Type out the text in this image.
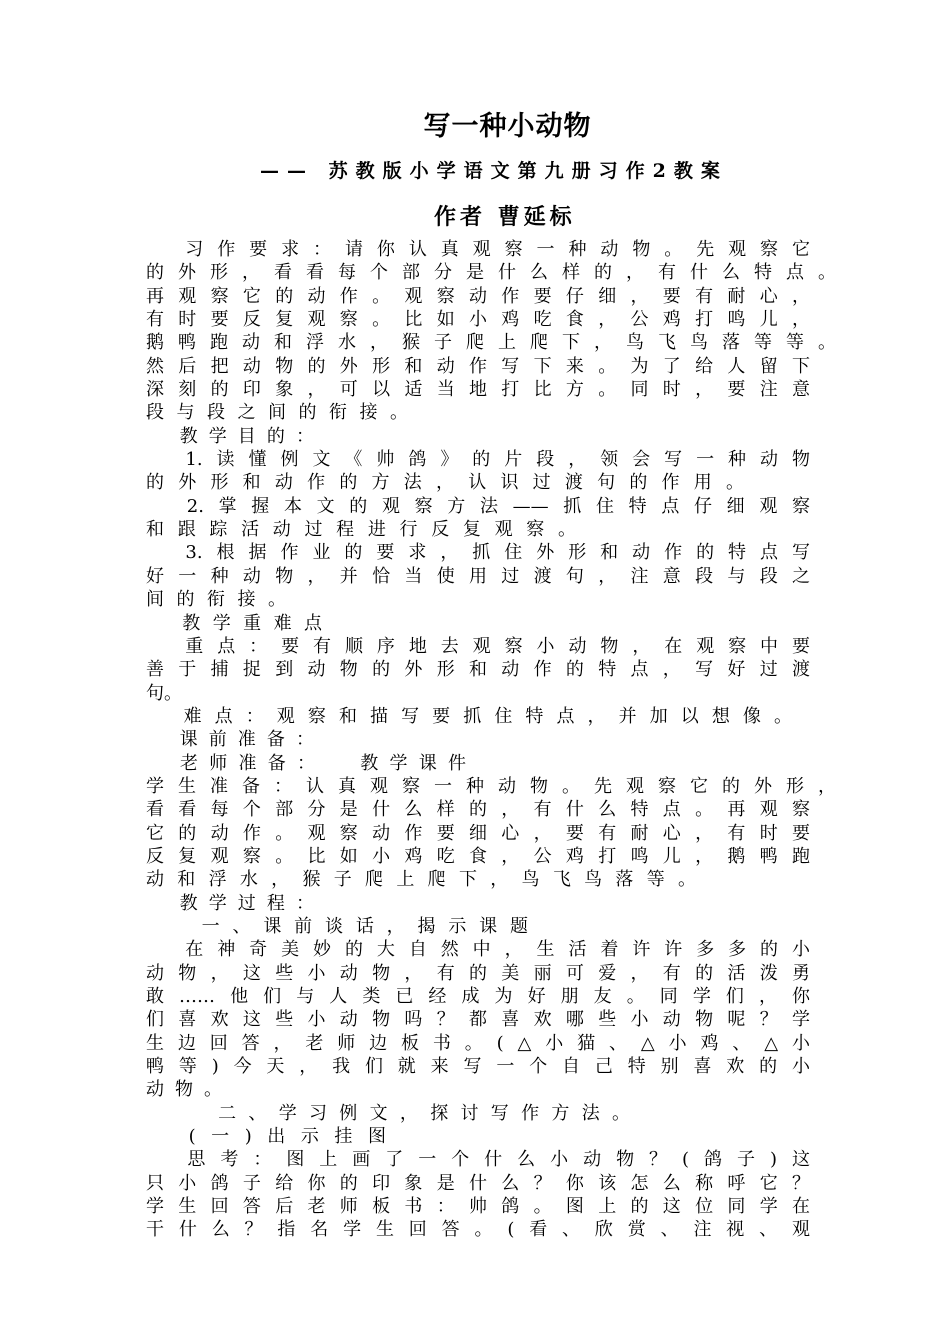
写一种小动物
—— 苏教版小学语文第九册习作2教案
作者 曹延标
习作要求：请你认真观察一种动物。先观察它
的外形，看看每个部分是什么样的，有什么特点。
再观察它的动作。观察动作要仔细，要有耐心，
有时要反复观察。比如小鸡吃食，公鸡打鸣儿，
鹅鸭跑动和浮水，猴子爬上爬下，鸟飞鸟落等等。
然后把动物的外形和动作写下来。为了给人留下
深刻的印象，可以适当地打比方。同时，要注意
段与段之间的衔接。
教学目的：
1.读懂例文《帅鸽》的片段，领会写一种动物
的外形和动作的方法，认识过渡句的作用。
2.掌握本文的观察方法——抓住特点仔细观察
和跟踪活动过程进行反复观察。
3.根据作业的要求，抓住外形和动作的特点写
好一种动物，并恰当使用过渡句，注意段与段之
间的衔接。
教学重难点
重点：要有顺序地去观察小动物，在观察中要
善于捕捉到动物的外形和动作的特点，写好过渡
句。
难点：观察和描写要抓住特点，并加以想像。
课前准备：
老师准备：  教学课件
学生准备：认真观察一种动物。先观察它的外形，
看看每个部分是什么样的，有什么特点。再观察
它的动作。观察动作要细心，要有耐心，有时要
反复观察。比如小鸡吃食，公鸡打鸣儿，鹅鸭跑
动和浮水，猴子爬上爬下，鸟飞鸟落等。
教学过程：
一、课前谈话，揭示课题
在神奇美妙的大自然中，生活着许许多多的小
动物，这些小动物，有的美丽可爱，有的活泼勇
敢……他们与人类已经成为好朋友。同学们，你
们喜欢这些小动物吗？都喜欢哪些小动物呢？学
生边回答，老师边板书。(△小猫、△小鸡、△小
鸭等)今天，我们就来写一个自己特别喜欢的小
动物。
二、学习例文，探讨写作方法。
(一)出示挂图
思考：图上画了一个什么小动物？(鸽子)这
只小鸽子给你的印象是什么？你该怎么称呼它？
学生回答后老师板书：帅鸽。图上的这位同学在
干什么？指名学生回答。(看、欣赏、注视、观
